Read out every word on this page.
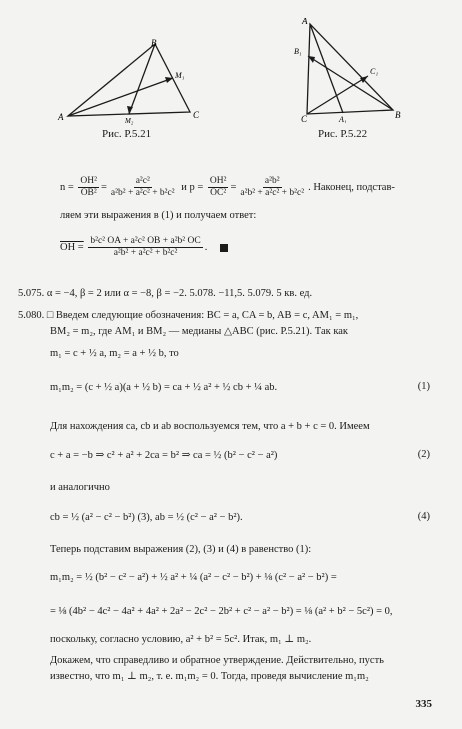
B
M₁
A	M₂
C
Рис. Р.5.21
A
B₁
C₁
C	A₁	B
Рис. Р.5.22
$n = \frac{\text{OH²}}{\text{OB²}} = \frac{\text{a²c²}}{\text{a²b² + a²c² + b²c²}}$ и $p = \frac{\text{OH²}}{\text{OC²}} = \frac{\text{a²b²}}{\text{a²b² + a²c² + b²c²}}$ . Наконец, подстав-
ляем эти выражения в (1) и получаем ответ:
OH = $\frac{\text{b²c² OA + a²c² OB + a²b² OC}}{\text{a²b² + a²c² + b²c²}}$ .
5.075. α = −4, β = 2 или α = −8, β = −2. 5.078. −11,5. 5.079. 5 кв. ед.
5.080. □ Введем следующие обозначения: BC = a, CA = b, AB = c, AM₁ = m₁,
BM₂ = m₂, где AM₁ и BM₂ — медианы △ABC (рис. Р.5.21). Так как
m₁ = c + ½ a, m₂ = a + ½ b, то
m₁m₂ = (c + ½ a)(a + ½ b) = ca + ½ a² + ½ cb + ¼ ab.	(1)
Для нахождения ca, cb и ab воспользуемся тем, что a + b + c = 0. Имеем
c + a = −b ⇒ c² + a² + 2ca = b² ⇒ ca = ½ (b² − c² − a²)	(2)
и аналогично
cb = ½ (a² − c² − b²) (3), ab = ½ (c² − a² − b²).	(4)
Теперь подставим выражения (2), (3) и (4) в равенство (1):
m₁m₂ = ½ (b² − c² − a²) + ½ a² + ¼ (a² − c² − b²) + ⅛ (c² − a² − b²) =
= ⅛ (4b² − 4c² − 4a² + 4a² + 2a² − 2c² − 2b² + c² − a² − b²) = ⅛ (a² + b² − 5c²) = 0,
поскольку, согласно условию, a² + b² = 5c². Итак, m₁ ⊥ m₂.
Докажем, что справедливо и обратное утверждение. Действительно, пусть
известно, что m₁ ⊥ m₂, т. е. m₁m₂ = 0. Тогда, проведя вычисление m₁m₂
335
